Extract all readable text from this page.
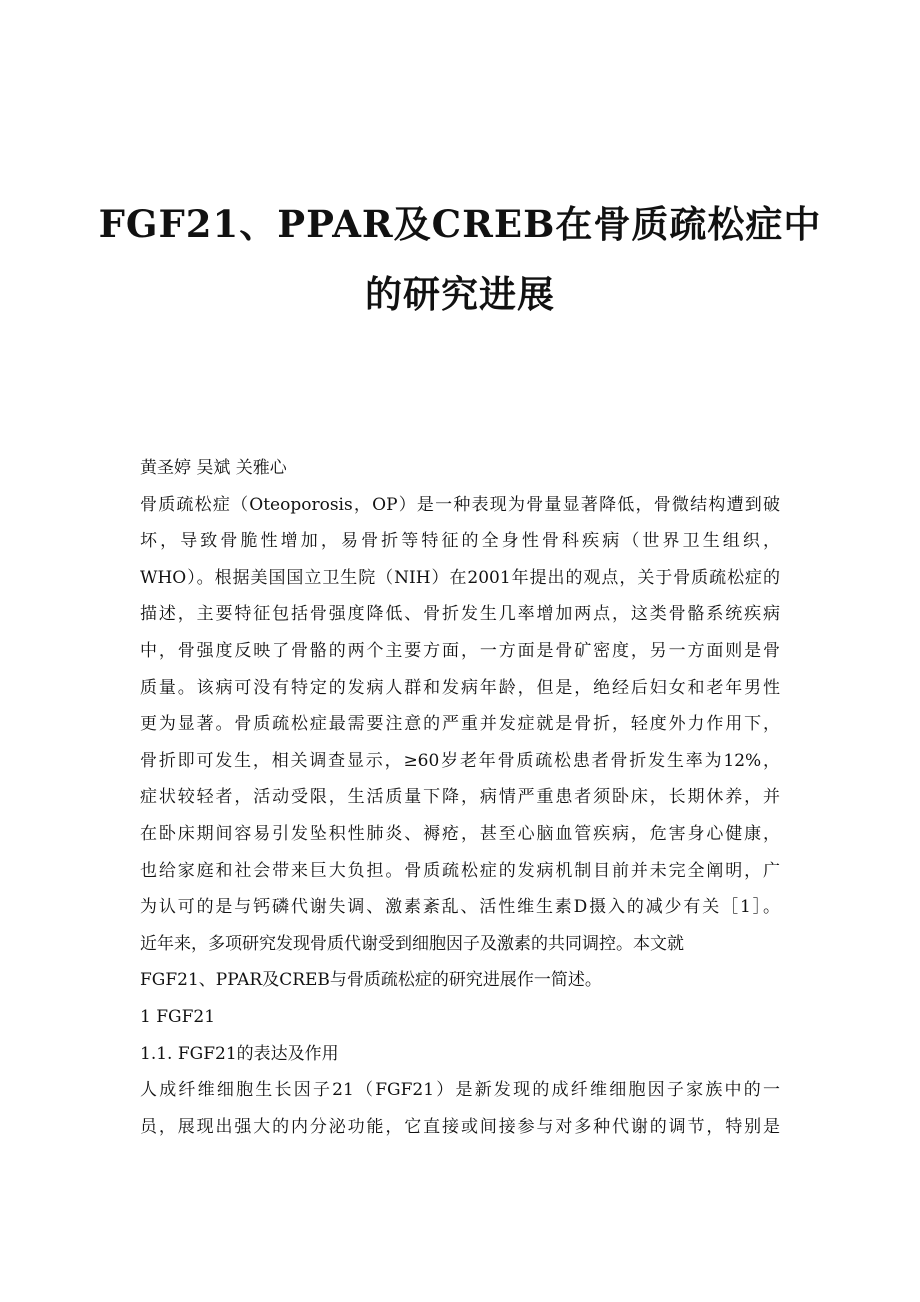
FGF21、PPAR及CREB在骨质疏松症中
的研究进展
黄圣婷 吴斌 关雅心
骨质疏松症（Oteoporosis，OP）是一种表现为骨量显著降低，骨微结构遭到破
坏，导致骨脆性增加，易骨折等特征的全身性骨科疾病（世界卫生组织，
WHO）。根据美国国立卫生院（NIH）在2001年提出的观点，关于骨质疏松症的
描述，主要特征包括骨强度降低、骨折发生几率增加两点，这类骨骼系统疾病
中，骨强度反映了骨骼的两个主要方面，一方面是骨矿密度，另一方面则是骨
质量。该病可没有特定的发病人群和发病年龄，但是，绝经后妇女和老年男性
更为显著。骨质疏松症最需要注意的严重并发症就是骨折，轻度外力作用下，
骨折即可发生，相关调查显示，≥60岁老年骨质疏松患者骨折发生率为12%，
症状较轻者，活动受限，生活质量下降，病情严重患者须卧床，长期休养，并
在卧床期间容易引发坠积性肺炎、褥疮，甚至心脑血管疾病，危害身心健康，
也给家庭和社会带来巨大负担。骨质疏松症的发病机制目前并未完全阐明，广
为认可的是与钙磷代谢失调、激素紊乱、活性维生素D摄入的减少有关［1］。
近年来，多项研究发现骨质代谢受到细胞因子及激素的共同调控。本文就
FGF21、PPAR及CREB与骨质疏松症的研究进展作一简述。
1 FGF21
1.1. FGF21的表达及作用
人成纤维细胞生长因子21（FGF21）是新发现的成纤维细胞因子家族中的一
员，展现出强大的内分泌功能，它直接或间接参与对多种代谢的调节，特别是
